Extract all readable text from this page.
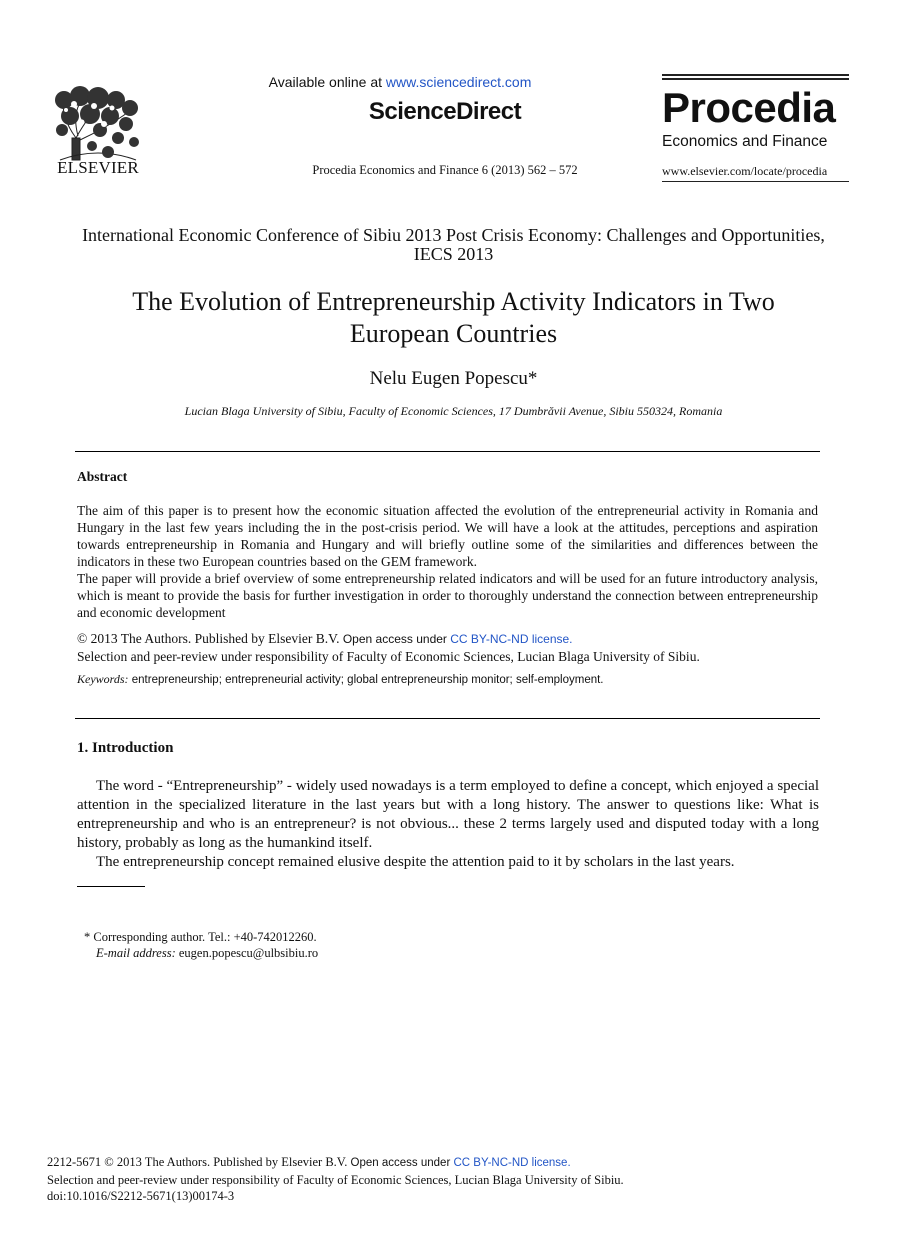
ELSEVIER
Available online at www.sciencedirect.com
ScienceDirect
Procedia Economics and Finance 6 (2013) 562 – 572
Procedia
Economics and Finance
www.elsevier.com/locate/procedia
International Economic Conference of Sibiu 2013 Post Crisis Economy: Challenges and Opportunities, IECS 2013
The Evolution of Entrepreneurship Activity Indicators in Two European Countries
Nelu Eugen Popescu*
Lucian Blaga University of Sibiu, Faculty of Economic Sciences, 17 Dumbrăvii Avenue, Sibiu 550324, Romania
Abstract

The aim of this paper is to present how the economic situation affected the evolution of the entrepreneurial activity in Romania and Hungary in the last few years including the in the post-crisis period. We will have a look at the attitudes, perceptions and aspiration towards entrepreneurship in Romania and Hungary and will briefly outline some of the similarities and differences between the indicators in these two European countries based on the GEM framework.

The paper will provide a brief overview of some entrepreneurship related indicators and will be used for an future introductory analysis, which is meant to provide the basis for further investigation in order to thoroughly understand the connection between entrepreneurship and economic development

© 2013 The Authors. Published by Elsevier B.V. Open access under CC BY-NC-ND license.
Selection and peer-review under responsibility of Faculty of Economic Sciences, Lucian Blaga University of Sibiu.
Keywords: entrepreneurship; entrepreneurial activity; global entrepreneurship monitor; self-employment.
1. Introduction

The word - “Entrepreneurship” - widely used nowadays is a term employed to define a concept, which enjoyed a special attention in the specialized literature in the last years but with a long history. The answer to questions like: What is entrepreneurship and who is an entrepreneur? is not obvious... these 2 terms largely used and disputed today with a long history, probably as long as the humankind itself.

The entrepreneurship concept remained elusive despite the attention paid to it by scholars in the last years.

* Corresponding author. Tel.: +40-742012260.
E-mail address: eugen.popescu@ulbsibiu.ro
2212-5671 © 2013 The Authors. Published by Elsevier B.V. Open access under CC BY-NC-ND license.
Selection and peer-review under responsibility of Faculty of Economic Sciences, Lucian Blaga University of Sibiu.
doi:10.1016/S2212-5671(13)00174-3
